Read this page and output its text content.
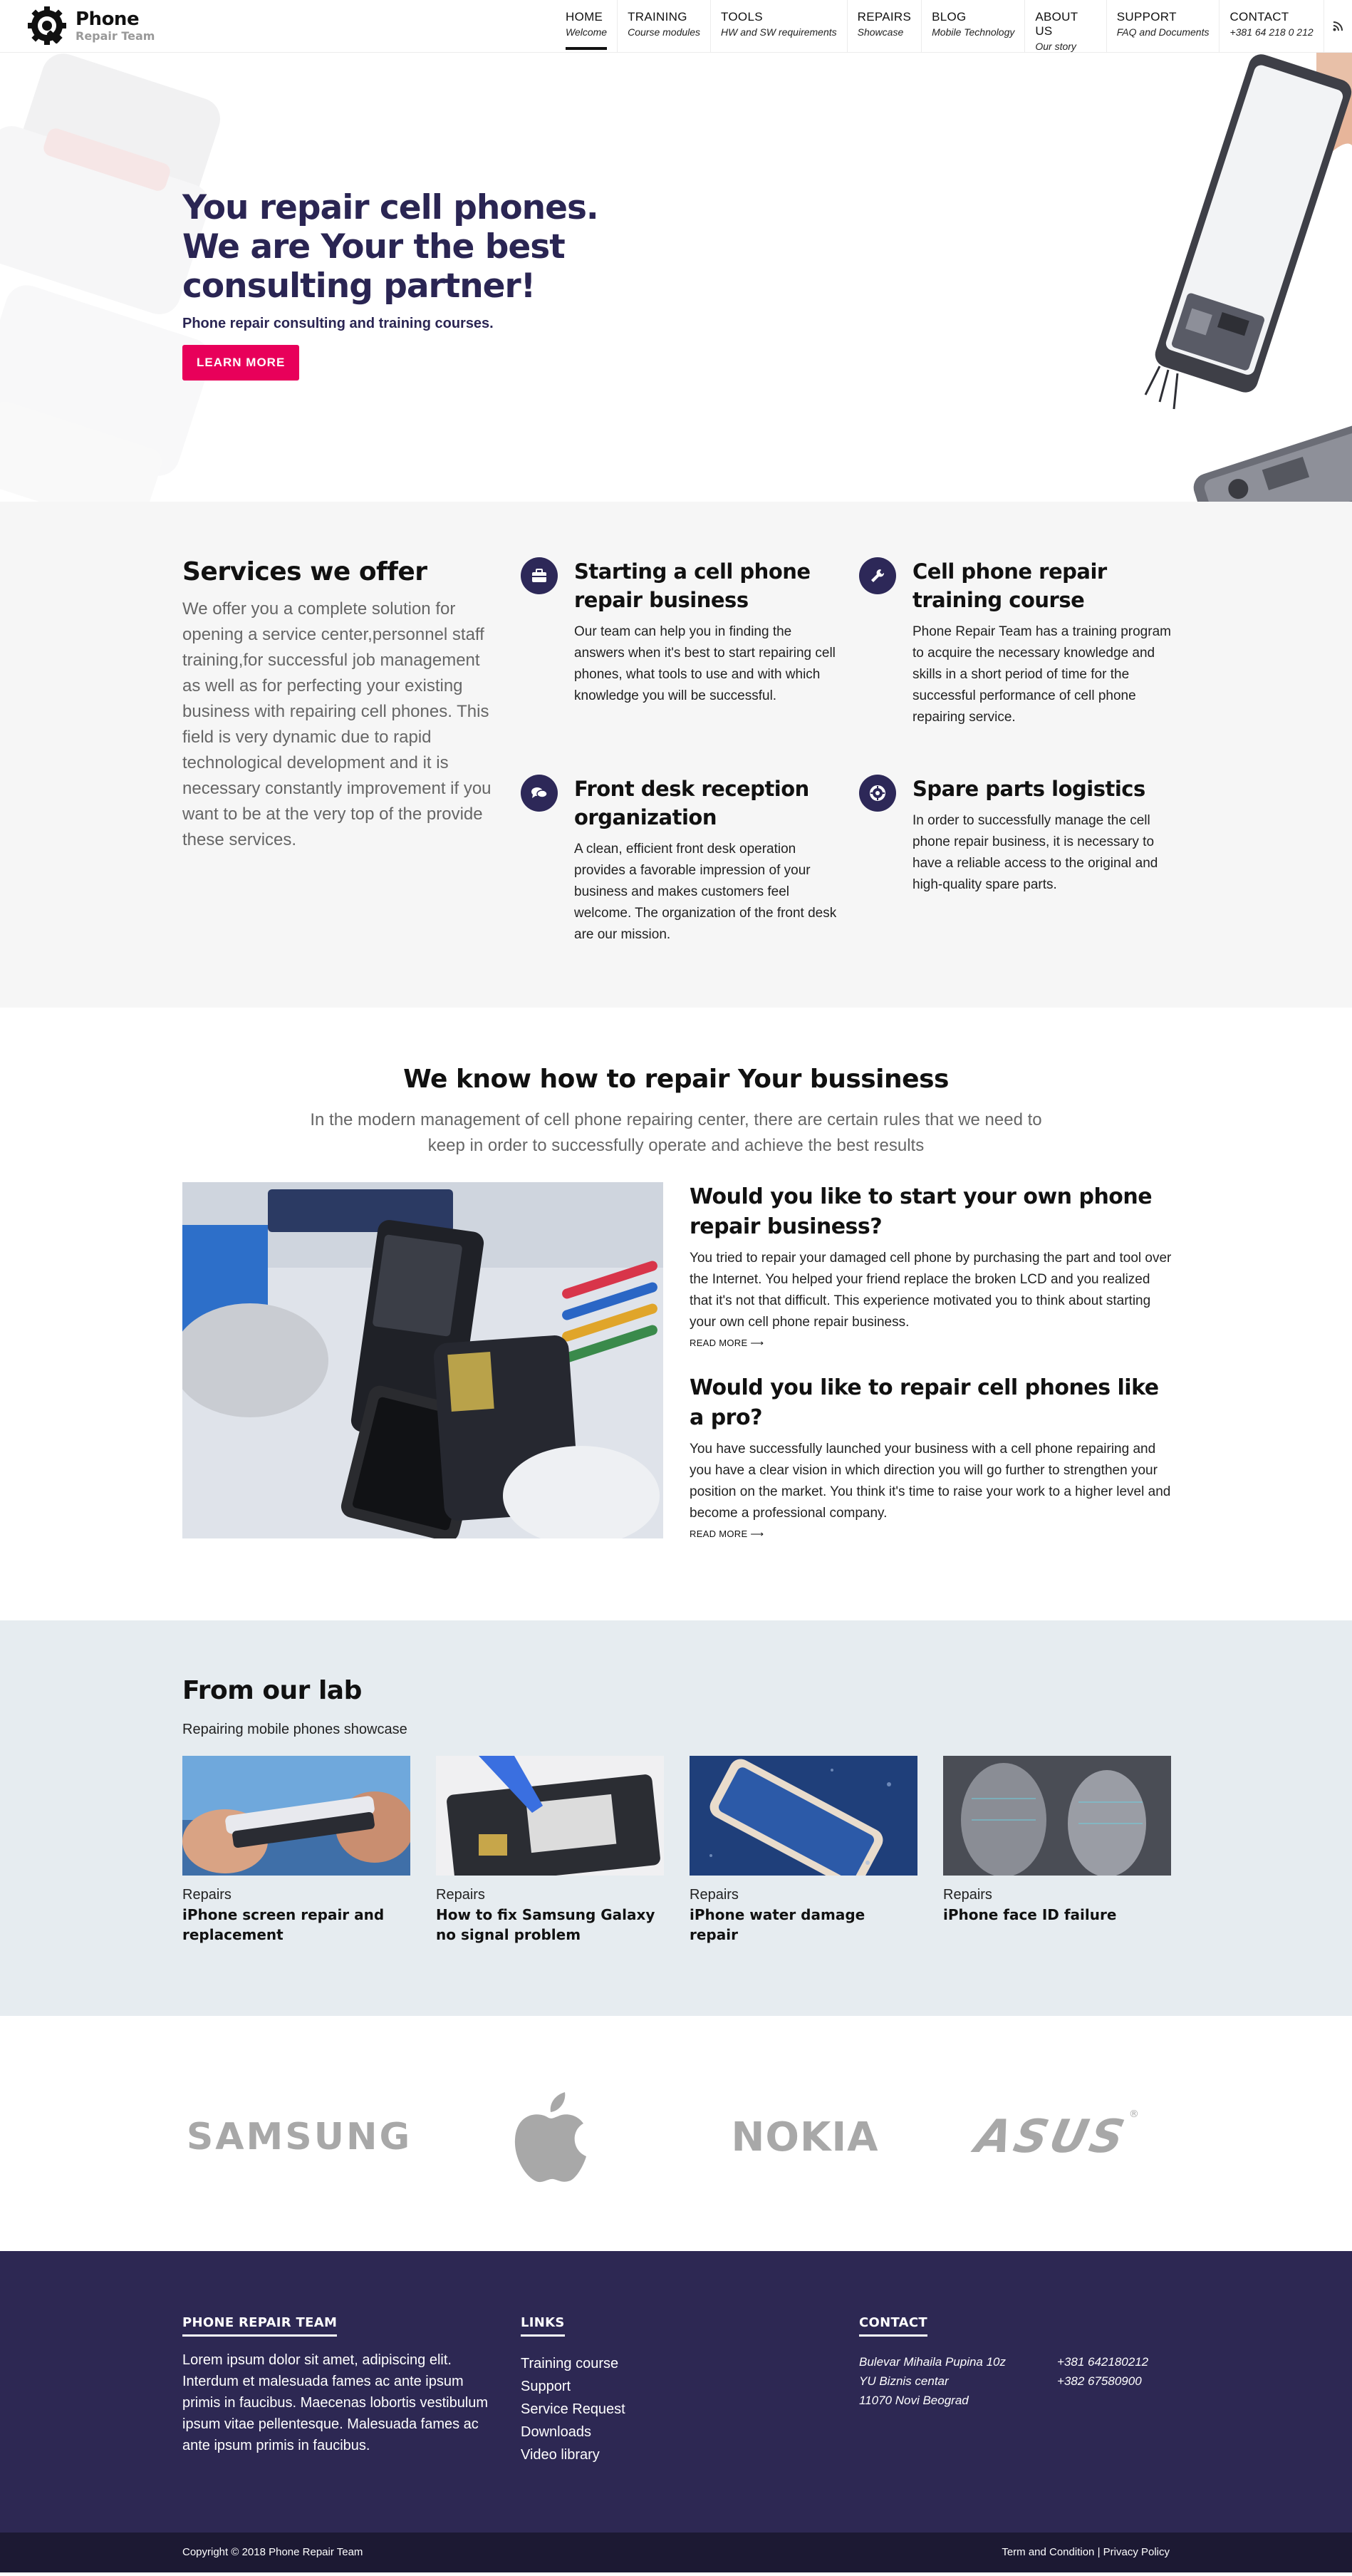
Phone
Repair Team
HOME
Welcome
TRAINING
Course modules
TOOLS
HW and SW requirements
REPAIRS
Showcase
BLOG
Mobile Technology
ABOUT US
Our story
SUPPORT
FAQ and Documents
CONTACT
+381 64 218 0 212
You repair cell phones.
We are Your the best
consulting partner!

Phone repair consulting and training courses.

LEARN MORE
Services we offer

We offer you a complete solution for opening a service center,personnel staff training,for successful job management as well as for perfecting your existing business with repairing cell phones. This field is very dynamic due to rapid technological development and it is necessary constantly improvement if you want to be at the very top of the provide these services.

Starting a cell phone repair business

Our team can help you in finding the answers when it's best to start repairing cell phones, what tools to use and with which knowledge you will be successful.

Cell phone repair training course

Phone Repair Team has a training program to acquire the necessary knowledge and skills in a short period of time for the successful performance of cell phone repairing service.

Front desk reception organization

A clean, efficient front desk operation provides a favorable impression of your business and makes customers feel welcome. The organization of the front desk are our mission.

Spare parts logistics

In order to successfully manage the cell phone repair business, it is necessary to have a reliable access to the original and high-quality spare parts.

We know how to repair Your bussiness

In the modern management of cell phone repairing center, there are certain rules that we need to keep in order to successfully operate and achieve the best results

Would you like to start your own phone repair business?

You tried to repair your damaged cell phone by purchasing the part and tool over the Internet. You helped your friend replace the broken LCD and you realized that it's not that difficult. This experience motivated you to think about starting your own cell phone repair business.

READ MORE ⟶
Would you like to repair cell phones like a pro?

You have successfully launched your business with a cell phone repairing and you have a clear vision in which direction you will go further to strengthen your position on the market. You think it's time to raise your work to a higher level and become a professional company.

READ MORE ⟶
From our lab

Repairing mobile phones showcase

Repairs

iPhone screen repair and replacement

Repairs

How to fix Samsung Galaxy no signal problem

Repairs

iPhone water damage repair

Repairs

iPhone face ID failure

SAMSUNG	NOKIA ASUS
®
PHONE REPAIR TEAM

Lorem ipsum dolor sit amet, adipiscing elit. Interdum et malesuada fames ac ante ipsum primis in faucibus. Maecenas lobortis vestibulum ipsum vitae pellentesque. Malesuada fames ac ante ipsum primis in faucibus.

LINKS
Training course
Support
Service Request
Downloads
Video library
CONTACT
Bulevar Mihaila Pupina 10z
YU Biznis centar
11070 Novi Beograd
+381 642180212
+382 67580900
Copyright © 2018 Phone Repair Team	Term and Condition | Privacy Policy
